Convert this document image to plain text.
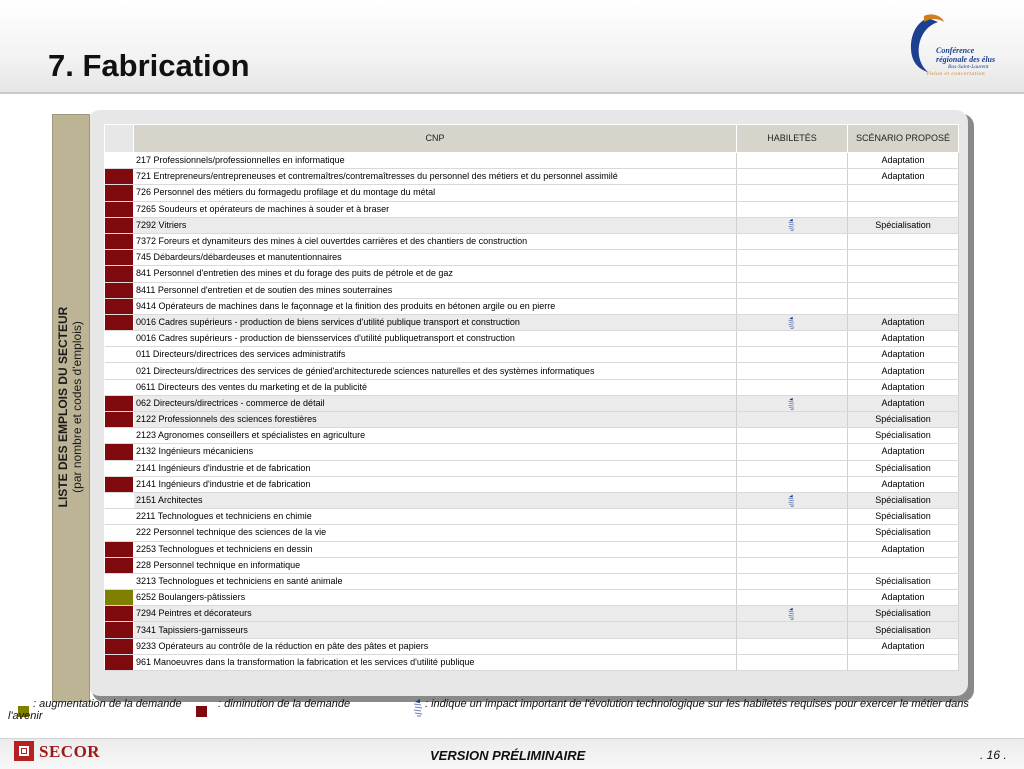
7. Fabrication	Conférence
régionale des élus
Bas-Saint-Laurent
Vision et concertation
LISTE DES EMPLOIS DU SECTEUR (par nombre et codes d'emplois)
	CNP	HABILETÉS	SCÉNARIO PROPOSÉ
	217 Professionnels/professionnelles en informatique		Adaptation
	721 Entrepreneurs/entrepreneuses et contremaîtres/contremaîtresses du personnel des métiers et du personnel assimilé		Adaptation
	726 Personnel des métiers du formagedu profilage et du montage du métal		
	7265 Soudeurs et opérateurs de machines à souder et à braser		
	7292 Vitriers		Spécialisation
	7372 Foreurs et dynamiteurs des mines à ciel ouvertdes carrières et des chantiers de construction		
	745 Débardeurs/débardeuses et manutentionnaires		
	841 Personnel d'entretien des mines et du forage des puits de pétrole et de gaz		
	8411 Personnel d'entretien et de soutien des mines souterraines		
	9414 Opérateurs de machines dans le façonnage et la finition des produits en bétonen argile ou en pierre		
	0016 Cadres supérieurs - production de biens services d'utilité publique transport et construction		Adaptation
	0016 Cadres supérieurs - production de biensservices d'utilité publiquetransport et construction		Adaptation
	011 Directeurs/directrices des services administratifs		Adaptation
	021 Directeurs/directrices des services de génied'architecturede sciences naturelles et des systèmes informatiques		Adaptation
	0611 Directeurs des ventes du marketing et de la publicité		Adaptation
	062 Directeurs/directrices - commerce de détail		Adaptation
	2122 Professionnels des sciences forestières		Spécialisation
	2123 Agronomes conseillers et spécialistes en agriculture		Spécialisation
	2132 Ingénieurs mécaniciens		Adaptation
	2141 Ingénieurs d'industrie et de fabrication		Spécialisation
	2141 Ingénieurs d'industrie et de fabrication		Adaptation
	2151 Architectes		Spécialisation
	2211 Technologues et techniciens en chimie		Spécialisation
	222 Personnel technique des sciences de la vie		Spécialisation
	2253 Technologues et techniciens en dessin		Adaptation
	228 Personnel technique en informatique		
	3213 Technologues et techniciens en santé animale		Spécialisation
	6252 Boulangers-pâtissiers		Adaptation
	7294 Peintres et décorateurs		Spécialisation
	7341 Tapissiers-garnisseurs		Spécialisation
	9233 Opérateurs au contrôle de la réduction en pâte des pâtes et papiers		Adaptation
	961 Manoeuvres dans la transformation la fabrication et les services d'utilité publique		
: augmentation de la demande	: diminution de la demande	: indique un impact important de l'évolution technologique sur les habiletés requises pour exercer le métier dans
l'avenir
SECOR	VERSION PRÉLIMINAIRE	. 16 .
